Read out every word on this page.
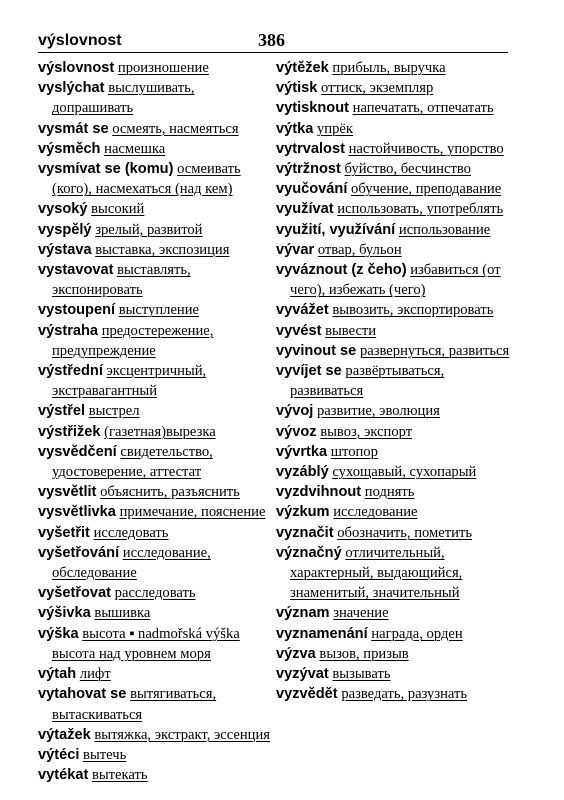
výslovnost	386

výslovnost произношение

vyslýchat выслушивать, допрашивать

vysmát se осмеять, насмеяться

výsměch насмешка

vysmívat se (komu) осмеивать (кого), насмехаться (над кем)

vysoký высокий

vyspělý зрелый, развитой

výstava выставка, экспозиция

vystavovat выставлять, экспонировать

vystoupení выступление

výstraha предостережение, предупреждение

výstřední эксцентричный, экстравагантный

výstřel выстрел

výstřižek (газетная)вырезка

vysvědčení свидетельство, удостоверение, аттестат

vysvětlit объяснить, разъяснить

vysvětlivka примечание, пояснение

vyšetřit исследовать

vyšetřování исследование, обследование

vyšetřovat расследовать

výšivka вышивка

výška высота ▪ nadmořská výška высота над уровнем моря

výtah лифт

vytahovat se вытягиваться, вытаскиваться

výtažek вытяжка, экстракт, эссенция

výtéci вытечь

vytékat вытекать

výtěžek прибыль, выручка

výtisk оттиск, экземпляр

vytisknout напечатать, отпечатать

výtka упрёк

vytrvalost настойчивость, упорство

výtržnost буйство, бесчинство

vyučování обучение, преподавание

využívat использовать, употреблять

využití, využívání использование

vývar отвар, бульон

vyváznout (z čeho) избавиться (от чего), избежать (чего)

vyvážet вывозить, экспортировать

vyvést вывести

vyvinout se развернуться, развиться

vyvíjet se развёртываться, развиваться

vývoj развитие, эволюция

vývoz вывоз, экспорт

vývrtka штопор

vyzáblý сухощавый, сухопарый

vyzdvihnout поднять

výzkum исследование

vyznačit обозначить, пометить

význačný отличительный, характерный, выдающийся, знаменитый, значительный

význam значение

vyznamenání награда, орден

výzva вызов, призыв

vyzývat вызывать

vyzvědět разведать, разузнать
